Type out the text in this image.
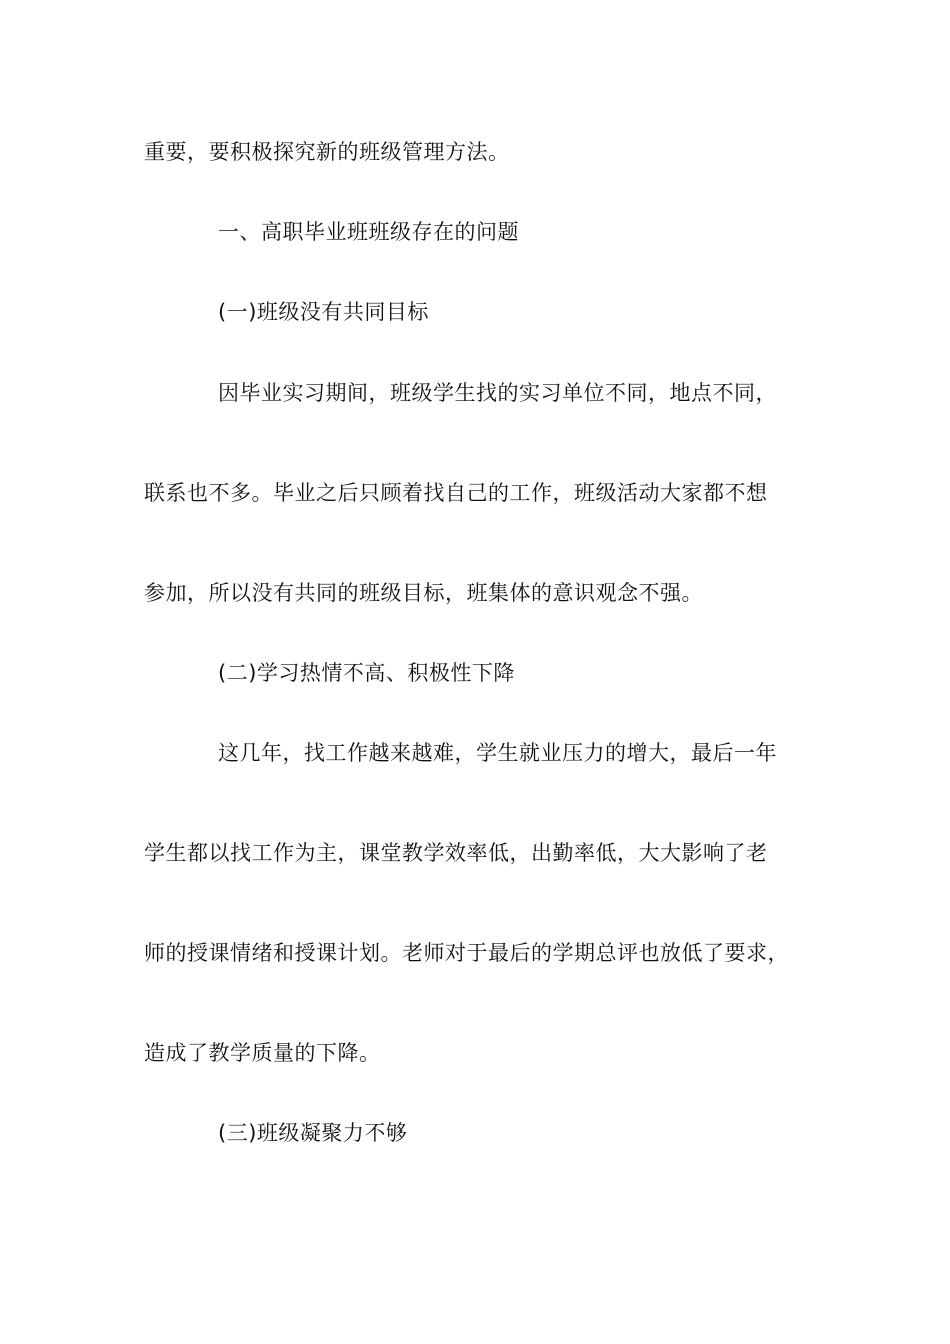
重要，要积极探究新的班级管理方法。
一、高职毕业班班级存在的问题
(一)班级没有共同目标
因毕业实习期间，班级学生找的实习单位不同，地点不同，
联系也不多。毕业之后只顾着找自己的工作，班级活动大家都不想
参加，所以没有共同的班级目标，班集体的意识观念不强。
(二)学习热情不高、积极性下降
这几年，找工作越来越难，学生就业压力的增大，最后一年
学生都以找工作为主，课堂教学效率低，出勤率低，大大影响了老
师的授课情绪和授课计划。老师对于最后的学期总评也放低了要求，
造成了教学质量的下降。
(三)班级凝聚力不够
